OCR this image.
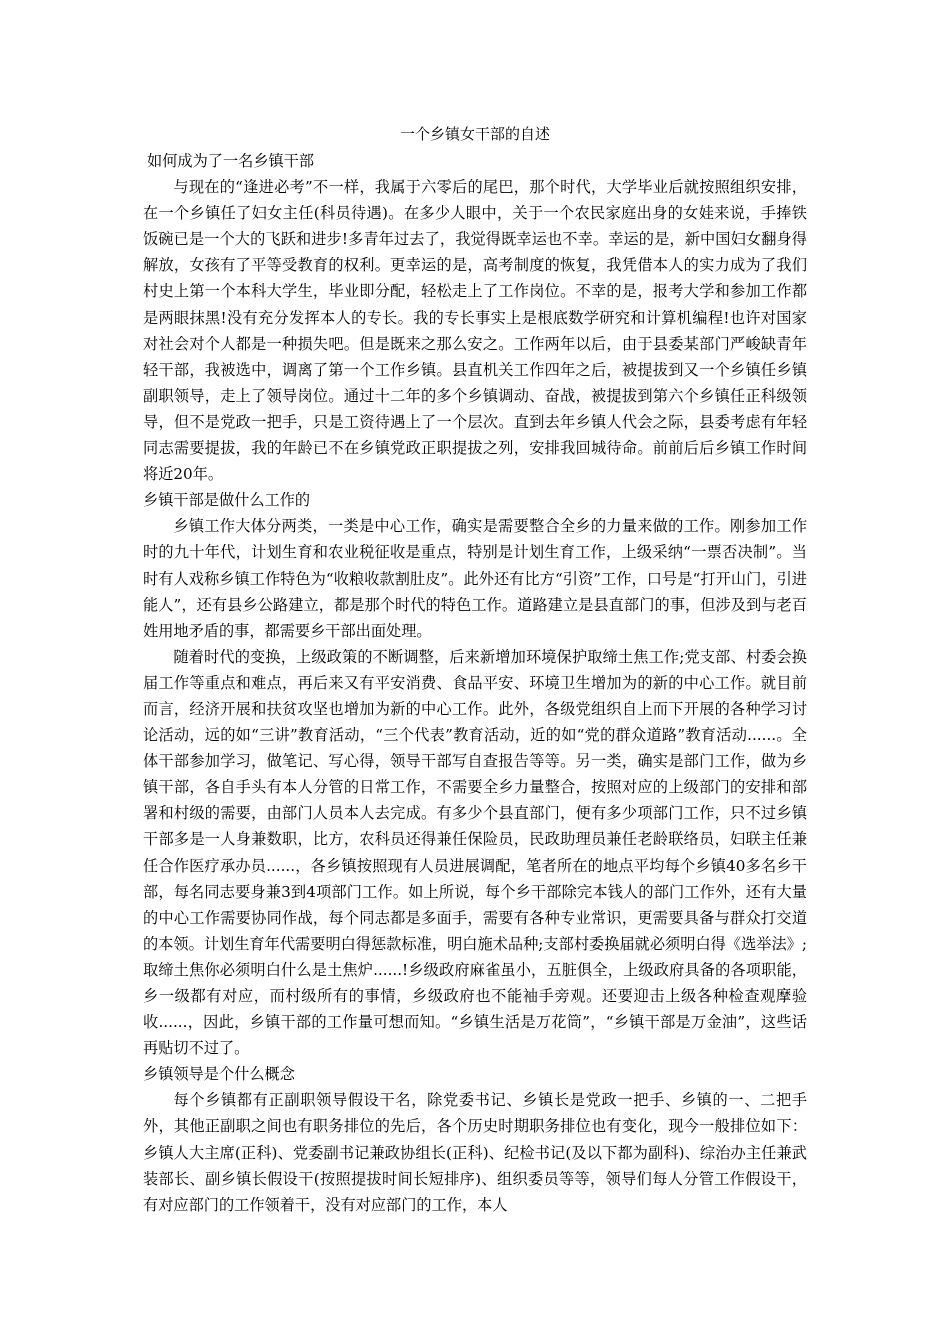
一个乡镇女干部的自述
如何成为了一名乡镇干部

与现在的“逢进必考”不一样，我属于六零后的尾巴，那个时代，大学毕业后就按照组织安排，在一个乡镇任了妇女主任(科员待遇)。在多少人眼中，关于一个农民家庭出身的女娃来说，手捧铁饭碗已是一个大的飞跃和进步!多青年过去了，我觉得既幸运也不幸。幸运的是，新中国妇女翻身得解放，女孩有了平等受教育的权利。更幸运的是，高考制度的恢复，我凭借本人的实力成为了我们村史上第一个本科大学生，毕业即分配，轻松走上了工作岗位。不幸的是，报考大学和参加工作都是两眼抹黑!没有充分发挥本人的专长。我的专长事实上是根底数学研究和计算机编程!也许对国家对社会对个人都是一种损失吧。但是既来之那么安之。工作两年以后，由于县委某部门严峻缺青年轻干部，我被选中，调离了第一个工作乡镇。县直机关工作四年之后，被提拔到又一个乡镇任乡镇副职领导，走上了领导岗位。通过十二年的多个乡镇调动、奋战，被提拔到第六个乡镇任正科级领导，但不是党政一把手，只是工资待遇上了一个层次。直到去年乡镇人代会之际，县委考虑有年轻同志需要提拔，我的年龄已不在乡镇党政正职提拔之列，安排我回城待命。前前后后乡镇工作时间将近20年。

乡镇干部是做什么工作的

乡镇工作大体分两类，一类是中心工作，确实是需要整合全乡的力量来做的工作。刚参加工作时的九十年代，计划生育和农业税征收是重点，特别是计划生育工作，上级采纳“一票否决制”。当时有人戏称乡镇工作特色为“收粮收款割肚皮”。此外还有比方“引资”工作，口号是“打开山门，引进能人”，还有县乡公路建立，都是那个时代的特色工作。道路建立是县直部门的事，但涉及到与老百姓用地矛盾的事，都需要乡干部出面处理。

随着时代的变换，上级政策的不断调整，后来新增加环境保护取缔土焦工作;党支部、村委会换届工作等重点和难点，再后来又有平安消费、食品平安、环境卫生增加为的新的中心工作。就目前而言，经济开展和扶贫攻坚也增加为新的中心工作。此外，各级党组织自上而下开展的各种学习讨论活动，远的如“三讲”教育活动，“三个代表”教育活动，近的如“党的群众道路”教育活动......。全体干部参加学习，做笔记、写心得，领导干部写自查报告等等。另一类，确实是部门工作，做为乡镇干部，各自手头有本人分管的日常工作，不需要全乡力量整合，按照对应的上级部门的安排和部署和村级的需要，由部门人员本人去完成。有多少个县直部门，便有多少项部门工作，只不过乡镇干部多是一人身兼数职，比方，农科员还得兼任保险员，民政助理员兼任老龄联络员，妇联主任兼任合作医疗承办员......，各乡镇按照现有人员进展调配，笔者所在的地点平均每个乡镇40多名乡干部，每名同志要身兼3到4项部门工作。如上所说，每个乡干部除完本钱人的部门工作外，还有大量的中心工作需要协同作战，每个同志都是多面手，需要有各种专业常识，更需要具备与群众打交道的本领。计划生育年代需要明白得惩款标准，明白施术品种;支部村委换届就必须明白得《选举法》;取缔土焦你必须明白什么是土焦炉......!乡级政府麻雀虽小，五脏俱全，上级政府具备的各项职能，乡一级都有对应，而村级所有的事情，乡级政府也不能袖手旁观。还要迎击上级各种检查观摩验收......，因此，乡镇干部的工作量可想而知。“乡镇生活是万花筒”，“乡镇干部是万金油”，这些话再贴切不过了。

乡镇领导是个什么概念

每个乡镇都有正副职领导假设干名，除党委书记、乡镇长是党政一把手、乡镇的一、二把手外，其他正副职之间也有职务排位的先后，各个历史时期职务排位也有变化，现今一般排位如下：乡镇人大主席(正科)、党委副书记兼政协组长(正科)、纪检书记(及以下都为副科)、综治办主任兼武装部长、副乡镇长假设干(按照提拔时间长短排序)、组织委员等等，领导们每人分管工作假设干，有对应部门的工作领着干，没有对应部门的工作，本人
